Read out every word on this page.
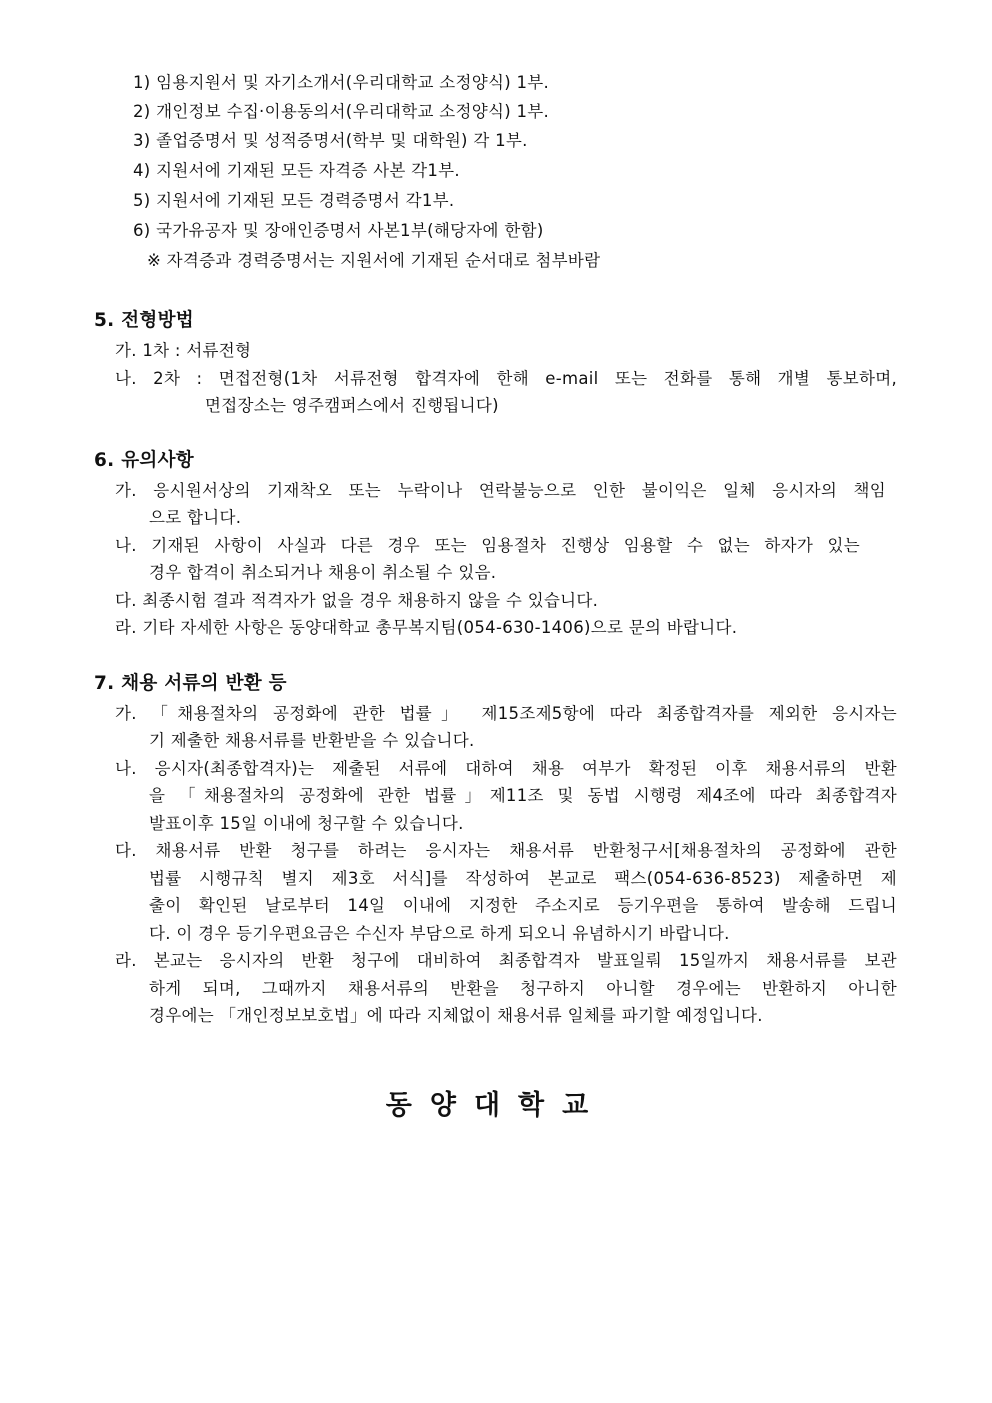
1) 임용지원서 및 자기소개서(우리대학교 소정양식) 1부.
2) 개인정보 수집·이용동의서(우리대학교 소정양식) 1부.
3) 졸업증명서 및 성적증명서(학부 및 대학원) 각 1부.
4) 지원서에 기재된 모든 자격증 사본 각1부.
5) 지원서에 기재된 모든 경력증명서 각1부.
6) 국가유공자 및 장애인증명서 사본1부(해당자에 한함)
※ 자격증과 경력증명서는 지원서에 기재된 순서대로 첨부바람
5. 전형방법
가. 1차 : 서류전형
나. 2차 : 면접전형(1차 서류전형 합격자에 한해 e-mail 또는 전화를 통해 개별 통보하며,
면접장소는 영주캠퍼스에서 진행됩니다)
6. 유의사항
가. 응시원서상의 기재착오 또는 누락이나 연락불능으로 인한 불이익은 일체 응시자의 책임
으로 합니다.
나. 기재된 사항이 사실과 다른 경우 또는 임용절차 진행상 임용할 수 없는 하자가 있는
경우 합격이 취소되거나 채용이 취소될 수 있음.
다. 최종시험 결과 적격자가 없을 경우 채용하지 않을 수 있습니다.
라. 기타 자세한 사항은 동양대학교 총무복지팀(054-630-1406)으로 문의 바랍니다.
7. 채용 서류의 반환 등
가. 「채용절차의 공정화에 관한 법률」 제15조제5항에 따라 최종합격자를 제외한 응시자는
기 제출한 채용서류를 반환받을 수 있습니다.
나. 응시자(최종합격자)는 제출된 서류에 대하여 채용 여부가 확정된 이후 채용서류의 반환
을 「채용절차의 공정화에 관한 법률」제11조 및 동법 시행령 제4조에 따라 최종합격자
발표이후 15일 이내에 청구할 수 있습니다.
다. 채용서류 반환 청구를 하려는 응시자는 채용서류 반환청구서[채용절차의 공정화에 관한
법률 시행규칙 별지 제3호 서식]를 작성하여 본교로 팩스(054-636-8523) 제출하면 제
출이 확인된 날로부터 14일 이내에 지정한 주소지로 등기우편을 통하여 발송해 드립니
다. 이 경우 등기우편요금은 수신자 부담으로 하게 되오니 유념하시기 바랍니다.
라. 본교는 응시자의 반환 청구에 대비하여 최종합격자 발표일뤄 15일까지 채용서류를 보관
하게 되며, 그때까지 채용서류의 반환을 청구하지 아니할 경우에는 반환하지 아니한
경우에는 「개인정보보호법」에 따라 지체없이 채용서류 일체를 파기할 예정입니다.
동양대학교
